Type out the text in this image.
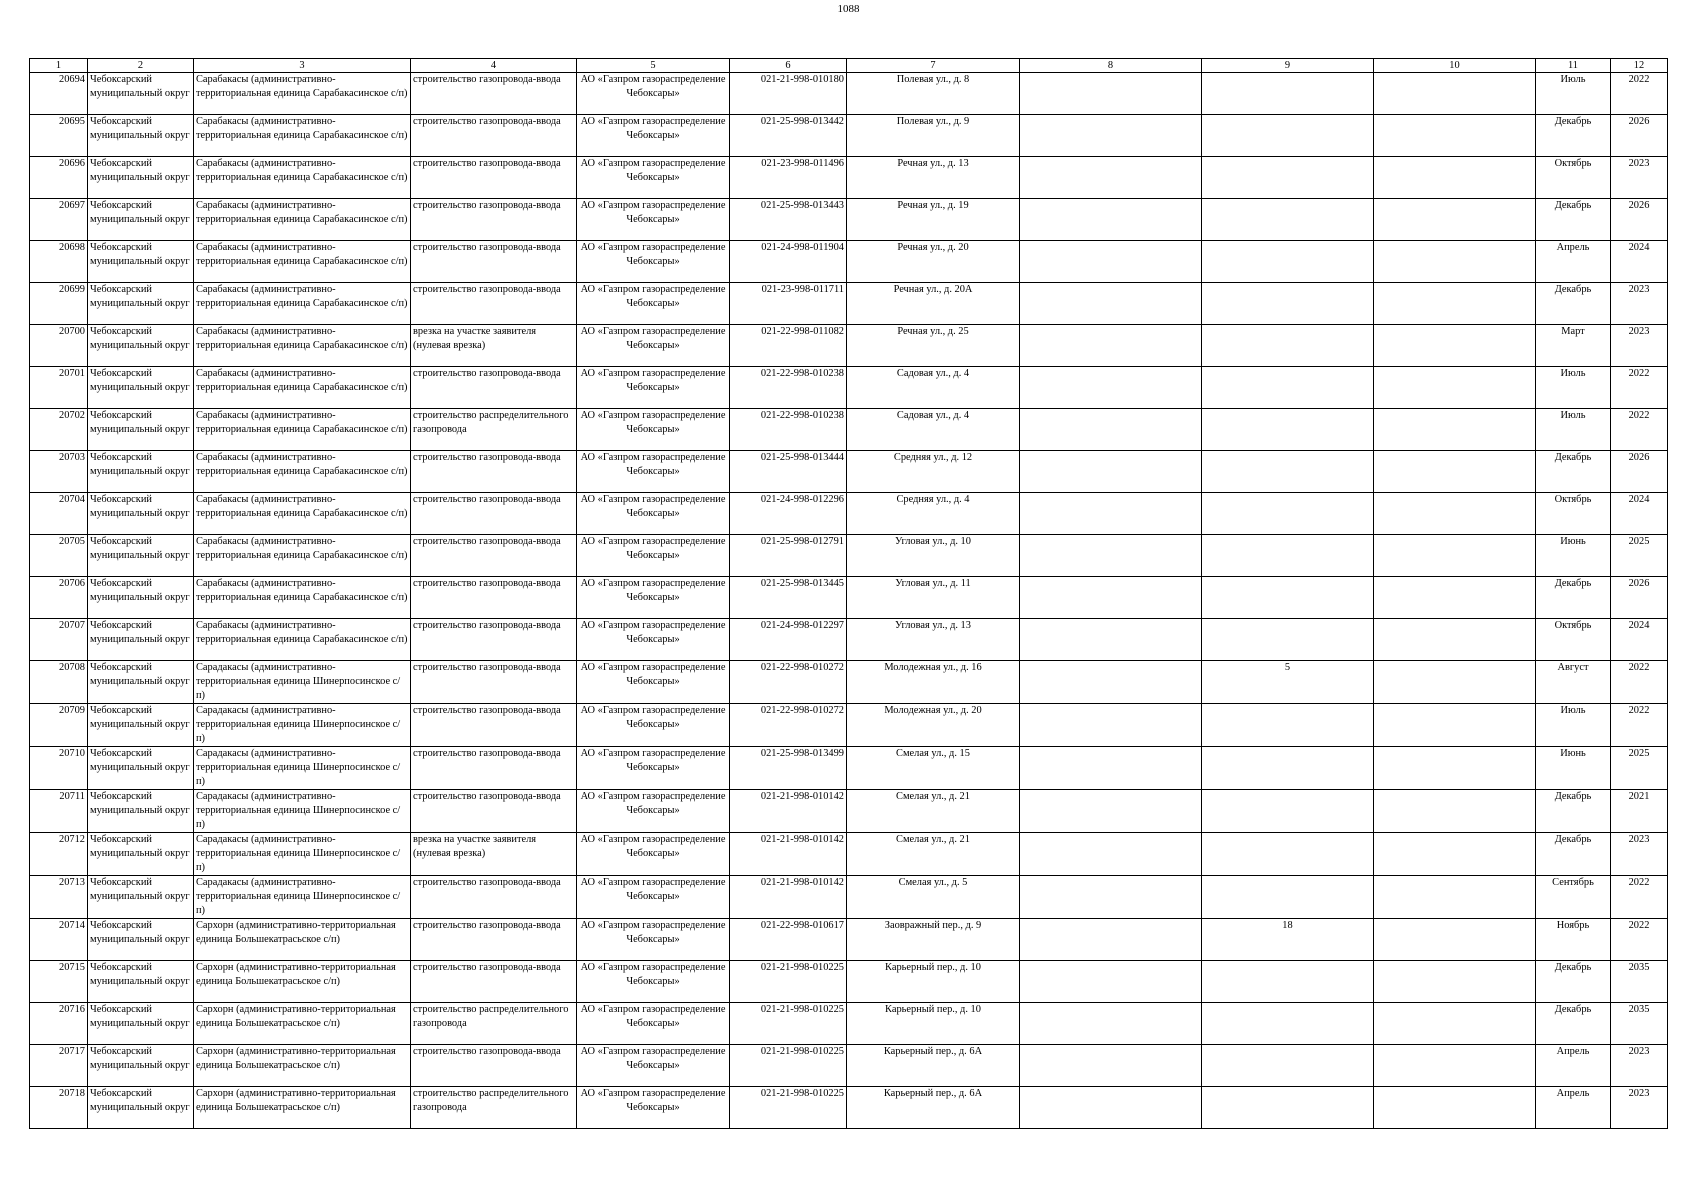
1088
1	2	3	4	5	6	7	8	9	10	11	12
20694	Чебоксарский муниципальный округ	Сарабакасы (административно-территориальная единица Сарабакасинское с/п)	строительство газопровода-ввода	АО «Газпром газораспределение Чебоксары»	021-21-998-010180	Полевая ул., д. 8				Июль	2022
20695	Чебоксарский муниципальный округ	Сарабакасы (административно-территориальная единица Сарабакасинское с/п)	строительство газопровода-ввода	АО «Газпром газораспределение Чебоксары»	021-25-998-013442	Полевая ул., д. 9				Декабрь	2026
20696	Чебоксарский муниципальный округ	Сарабакасы (административно-территориальная единица Сарабакасинское с/п)	строительство газопровода-ввода	АО «Газпром газораспределение Чебоксары»	021-23-998-011496	Речная ул., д. 13				Октябрь	2023
20697	Чебоксарский муниципальный округ	Сарабакасы (административно-территориальная единица Сарабакасинское с/п)	строительство газопровода-ввода	АО «Газпром газораспределение Чебоксары»	021-25-998-013443	Речная ул., д. 19				Декабрь	2026
20698	Чебоксарский муниципальный округ	Сарабакасы (административно-территориальная единица Сарабакасинское с/п)	строительство газопровода-ввода	АО «Газпром газораспределение Чебоксары»	021-24-998-011904	Речная ул., д. 20				Апрель	2024
20699	Чебоксарский муниципальный округ	Сарабакасы (административно-территориальная единица Сарабакасинское с/п)	строительство газопровода-ввода	АО «Газпром газораспределение Чебоксары»	021-23-998-011711	Речная ул., д. 20А				Декабрь	2023
20700	Чебоксарский муниципальный округ	Сарабакасы (административно-территориальная единица Сарабакасинское с/п)	врезка на участке заявителя (нулевая врезка)	АО «Газпром газораспределение Чебоксары»	021-22-998-011082	Речная ул., д. 25				Март	2023
20701	Чебоксарский муниципальный округ	Сарабакасы (административно-территориальная единица Сарабакасинское с/п)	строительство газопровода-ввода	АО «Газпром газораспределение Чебоксары»	021-22-998-010238	Садовая ул., д. 4				Июль	2022
20702	Чебоксарский муниципальный округ	Сарабакасы (административно-территориальная единица Сарабакасинское с/п)	строительство распределительного газопровода	АО «Газпром газораспределение Чебоксары»	021-22-998-010238	Садовая ул., д. 4				Июль	2022
20703	Чебоксарский муниципальный округ	Сарабакасы (административно-территориальная единица Сарабакасинское с/п)	строительство газопровода-ввода	АО «Газпром газораспределение Чебоксары»	021-25-998-013444	Средняя ул., д. 12				Декабрь	2026
20704	Чебоксарский муниципальный округ	Сарабакасы (административно-территориальная единица Сарабакасинское с/п)	строительство газопровода-ввода	АО «Газпром газораспределение Чебоксары»	021-24-998-012296	Средняя ул., д. 4				Октябрь	2024
20705	Чебоксарский муниципальный округ	Сарабакасы (административно-территориальная единица Сарабакасинское с/п)	строительство газопровода-ввода	АО «Газпром газораспределение Чебоксары»	021-25-998-012791	Угловая ул., д. 10				Июнь	2025
20706	Чебоксарский муниципальный округ	Сарабакасы (административно-территориальная единица Сарабакасинское с/п)	строительство газопровода-ввода	АО «Газпром газораспределение Чебоксары»	021-25-998-013445	Угловая ул., д. 11				Декабрь	2026
20707	Чебоксарский муниципальный округ	Сарабакасы (административно-территориальная единица Сарабакасинское с/п)	строительство газопровода-ввода	АО «Газпром газораспределение Чебоксары»	021-24-998-012297	Угловая ул., д. 13				Октябрь	2024
20708	Чебоксарский муниципальный округ	Сарадакасы (административно-территориальная единица Шинерпосинское с/п)	строительство газопровода-ввода	АО «Газпром газораспределение Чебоксары»	021-22-998-010272	Молодежная ул., д. 16		5		Август	2022
20709	Чебоксарский муниципальный округ	Сарадакасы (административно-территориальная единица Шинерпосинское с/п)	строительство газопровода-ввода	АО «Газпром газораспределение Чебоксары»	021-22-998-010272	Молодежная ул., д. 20				Июль	2022
20710	Чебоксарский муниципальный округ	Сарадакасы (административно-территориальная единица Шинерпосинское с/п)	строительство газопровода-ввода	АО «Газпром газораспределение Чебоксары»	021-25-998-013499	Смелая ул., д. 15				Июнь	2025
20711	Чебоксарский муниципальный округ	Сарадакасы (административно-территориальная единица Шинерпосинское с/п)	строительство газопровода-ввода	АО «Газпром газораспределение Чебоксары»	021-21-998-010142	Смелая ул., д. 21				Декабрь	2021
20712	Чебоксарский муниципальный округ	Сарадакасы (административно-территориальная единица Шинерпосинское с/п)	врезка на участке заявителя (нулевая врезка)	АО «Газпром газораспределение Чебоксары»	021-21-998-010142	Смелая ул., д. 21				Декабрь	2023
20713	Чебоксарский муниципальный округ	Сарадакасы (административно-территориальная единица Шинерпосинское с/п)	строительство газопровода-ввода	АО «Газпром газораспределение Чебоксары»	021-21-998-010142	Смелая ул., д. 5				Сентябрь	2022
20714	Чебоксарский муниципальный округ	Сархорн (административно-территориальная единица Большекатрасьское с/п)	строительство газопровода-ввода	АО «Газпром газораспределение Чебоксары»	021-22-998-010617	Заовражный пер., д. 9		18		Ноябрь	2022
20715	Чебоксарский муниципальный округ	Сархорн (административно-территориальная единица Большекатрасьское с/п)	строительство газопровода-ввода	АО «Газпром газораспределение Чебоксары»	021-21-998-010225	Карьерный пер., д. 10				Декабрь	2035
20716	Чебоксарский муниципальный округ	Сархорн (административно-территориальная единица Большекатрасьское с/п)	строительство распределительного газопровода	АО «Газпром газораспределение Чебоксары»	021-21-998-010225	Карьерный пер., д. 10				Декабрь	2035
20717	Чебоксарский муниципальный округ	Сархорн (административно-территориальная единица Большекатрасьское с/п)	строительство газопровода-ввода	АО «Газпром газораспределение Чебоксары»	021-21-998-010225	Карьерный пер., д. 6А				Апрель	2023
20718	Чебоксарский муниципальный округ	Сархорн (административно-территориальная единица Большекатрасьское с/п)	строительство распределительного газопровода	АО «Газпром газораспределение Чебоксары»	021-21-998-010225	Карьерный пер., д. 6А				Апрель	2023
